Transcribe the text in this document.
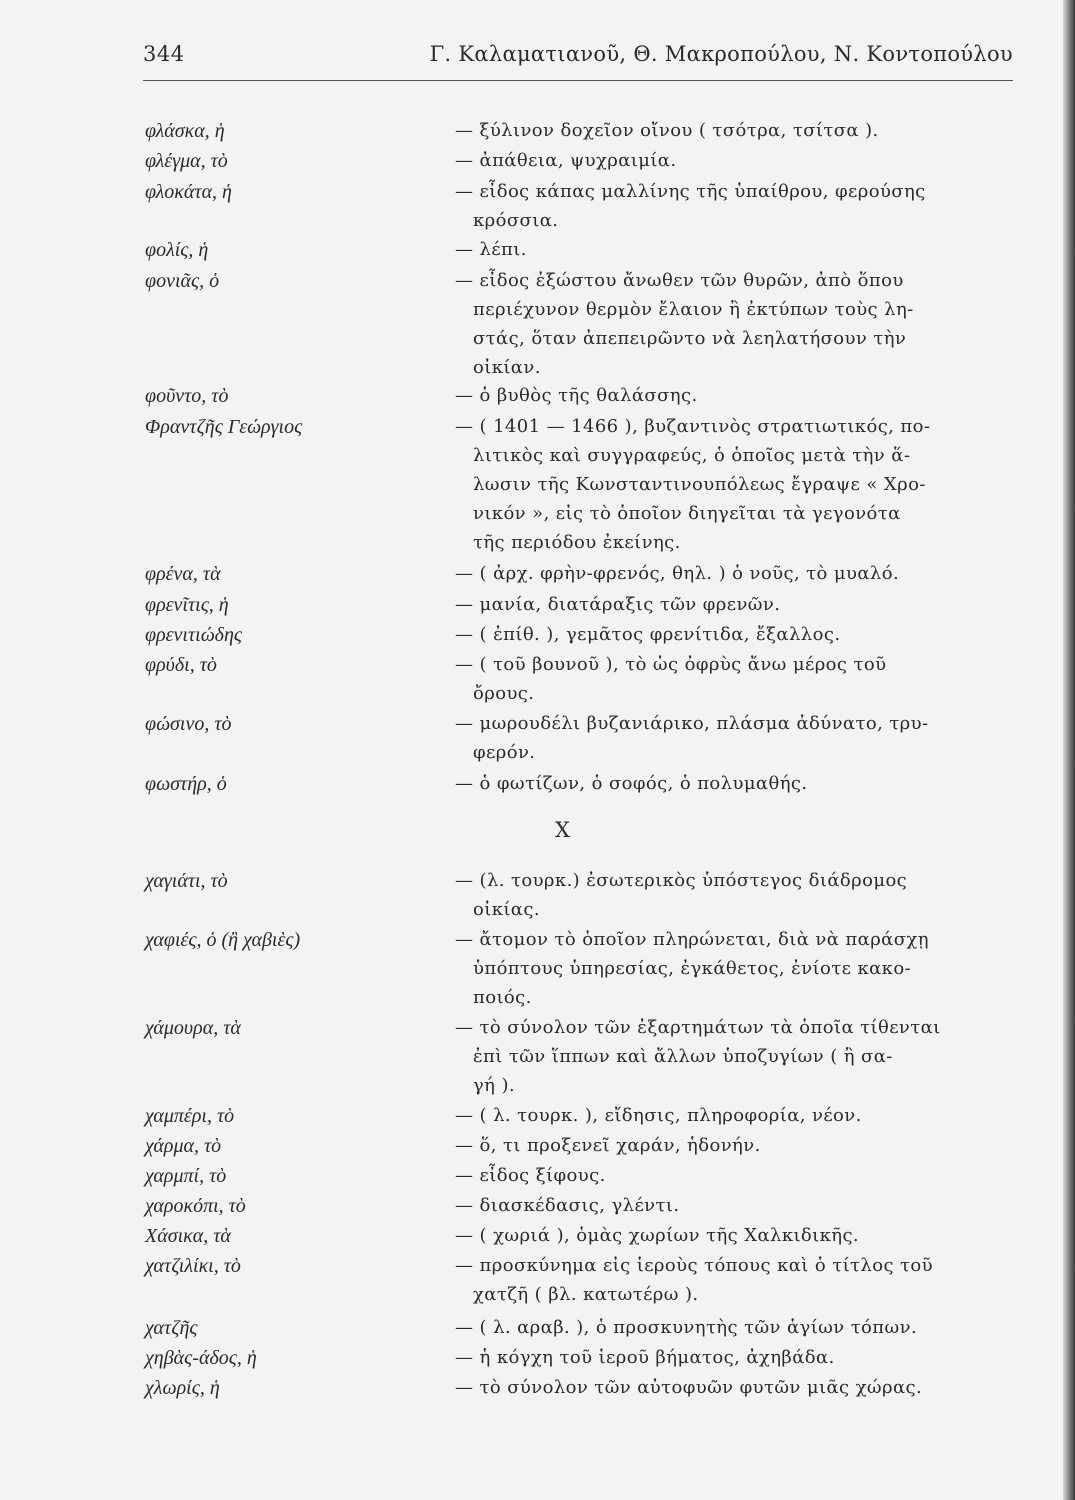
344	Γ. Καλαματιανοῦ, Θ. Μακροπούλου, Ν. Κοντοπούλου
φλάσκα, ἡ	— ξύλινον δοχεῖον οἴνου ( τσότρα, τσίτσα ).
φλέγμα, τὸ	— ἀπάθεια, ψυχραιμία.
φλοκάτα, ἡ	— εἶδος κάπας μαλλίνης τῆς ὑπαίθρου, φερούσης
κρόσσια.
φολίς, ἡ	— λέπι.
φονιᾶς, ὁ	— εἶδος ἐξώστου ἄνωθεν τῶν θυρῶν, ἀπὸ ὅπου
περιέχυνον θερμὸν ἔλαιον ἢ ἐκτύπων τοὺς λη-
στάς, ὅταν ἀπεπειρῶντο νὰ λεηλατήσουν τὴν
οἰκίαν.
φοῦντο, τὸ	— ὁ βυθὸς τῆς θαλάσσης.
Φραντζῆς Γεώργιος	— ( 1401 — 1466 ), βυζαντινὸς στρατιωτικός, πο-
λιτικὸς καὶ συγγραφεύς, ὁ ὁποῖος μετὰ τὴν ἅ-
λωσιν τῆς Κωνσταντινουπόλεως ἔγραψε « Χρο-
νικόν », εἰς τὸ ὁποῖον διηγεῖται τὰ γεγονότα
τῆς περιόδου ἐκείνης.
φρένα, τὰ	— ( ἀρχ. φρὴν-φρενός, θηλ. ) ὁ νοῦς, τὸ μυαλό.
φρενῖτις, ἡ	— μανία, διατάραξις τῶν φρενῶν.
φρενιτιώδης	— ( ἐπίθ. ), γεμᾶτος φρενίτιδα, ἔξαλλος.
φρύδι, τὸ	— ( τοῦ βουνοῦ ), τὸ ὡς ὀφρὺς ἄνω μέρος τοῦ
ὄρους.
φώσινο, τὸ	— μωρουδέλι βυζανιάρικο, πλάσμα ἀδύνατο, τρυ-
φερόν.
φωστήρ, ὁ	— ὁ φωτίζων, ὁ σοφός, ὁ πολυμαθής.
χαγιάτι, τὸ	— (λ. τουρκ.) ἐσωτερικὸς ὑπόστεγος διάδρομος
οἰκίας.
χαφιές, ὁ (ἢ χαβιὲς)	— ἄτομον τὸ ὁποῖον πληρώνεται, διὰ νὰ παράσχῃ
ὑπόπτους ὑπηρεσίας, ἐγκάθετος, ἐνίοτε κακο-
ποιός.
χάμουρα, τὰ	— τὸ σύνολον τῶν ἐξαρτημάτων τὰ ὁποῖα τίθενται
ἐπὶ τῶν ἵππων καὶ ἄλλων ὑποζυγίων ( ἢ σα-
γή ).
χαμπέρι, τὸ	— ( λ. τουρκ. ), εἴδησις, πληροφορία, νέον.
χάρμα, τὸ	— ὅ, τι προξενεῖ χαράν, ἡδονήν.
χαρμπί, τὸ	— εἶδος ξίφους.
χαροκόπι, τὸ	— διασκέδασις, γλέντι.
Χάσικα, τὰ	— ( χωριά ), ὁμὰς χωρίων τῆς Χαλκιδικῆς.
χατζιλίκι, τὸ	— προσκύνημα εἰς ἱεροὺς τόπους καὶ ὁ τίτλος τοῦ
χατζῆ ( βλ. κατωτέρω ).
χατζῆς	— ( λ. αραβ. ), ὁ προσκυνητὴς τῶν ἁγίων τόπων.
χηβὰς-άδος, ἡ	— ἡ κόγχη τοῦ ἱεροῦ βήματος, ἀχηβάδα.
χλωρίς, ἡ	— τὸ σύνολον τῶν αὐτοφυῶν φυτῶν μιᾶς χώρας.
Χ
